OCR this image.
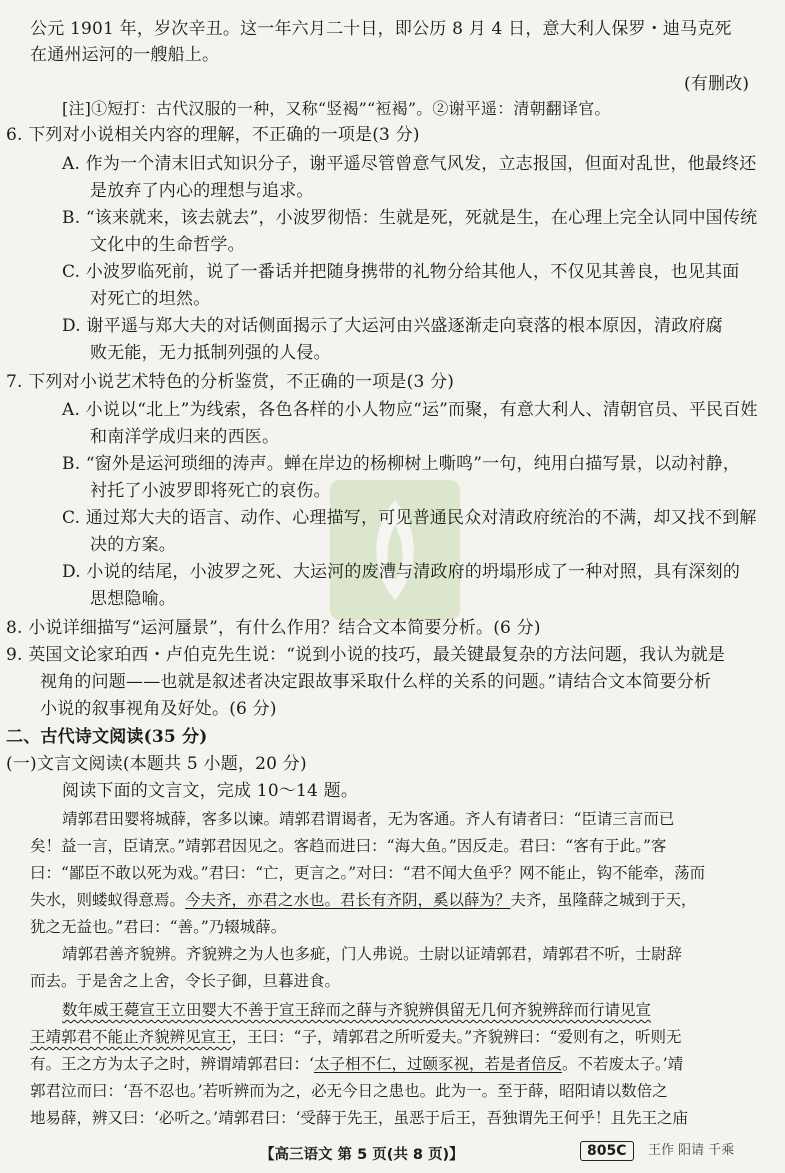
公元 1901 年，岁次辛丑。这一年六月二十日，即公历 8 月 4 日，意大利人保罗・迪马克死
在通州运河的一艘船上。
(有删改)
[注]①短打：古代汉服的一种，又称“竖褐”“裋褐”。②谢平遥：清朝翻译官。
6. 下列对小说相关内容的理解，不正确的一项是(3 分)
A. 作为一个清末旧式知识分子，谢平遥尽管曾意气风发，立志报国，但面对乱世，他最终还
是放弃了内心的理想与追求。
B. “该来就来，该去就去”，小波罗彻悟：生就是死，死就是生，在心理上完全认同中国传统
文化中的生命哲学。
C. 小波罗临死前，说了一番话并把随身携带的礼物分给其他人，不仅见其善良，也见其面
对死亡的坦然。
D. 谢平遥与郑大夫的对话侧面揭示了大运河由兴盛逐渐走向衰落的根本原因，清政府腐
败无能，无力抵制列强的人侵。
7. 下列对小说艺术特色的分析鉴赏，不正确的一项是(3 分)
A. 小说以“北上”为线索，各色各样的小人物应“运”而聚，有意大利人、清朝官员、平民百姓
和南洋学成归来的西医。
B. “窗外是运河琐细的涛声。蝉在岸边的杨柳树上嘶鸣”一句，纯用白描写景，以动衬静，
衬托了小波罗即将死亡的哀伤。
C. 通过郑大夫的语言、动作、心理描写，可见普通民众对清政府统治的不满，却又找不到解
决的方案。
D. 小说的结尾，小波罗之死、大运河的废漕与清政府的坍塌形成了一种对照，具有深刻的
思想隐喻。
8. 小说详细描写“运河蜃景”，有什么作用？结合文本简要分析。(6 分)
9. 英国文论家珀西・卢伯克先生说：“说到小说的技巧，最关键最复杂的方法问题，我认为就是
视角的问题——也就是叙述者决定跟故事采取什么样的关系的问题。”请结合文本简要分析
小说的叙事视角及好处。(6 分)
二、古代诗文阅读(35 分)
(一)文言文阅读(本题共 5 小题，20 分)
阅读下面的文言文，完成 10～14 题。
靖郭君田婴将城薛，客多以谏。靖郭君谓谒者，无为客通。齐人有请者曰：“臣请三言而已
矣！益一言，臣请烹。”靖郭君因见之。客趋而进曰：“海大鱼。”因反走。君曰：“客有于此。”客
曰：“鄙臣不敢以死为戏。”君曰：“亡，更言之。”对曰：“君不闻大鱼乎？网不能止，钩不能牵，荡而
失水，则蝼蚁得意焉。今夫齐，亦君之水也。君长有齐阴，奚以薛为？夫齐，虽隆薛之城到于天，
犹之无益也。”君曰：“善。”乃辍城薛。
靖郭君善齐貌辨。齐貌辨之为人也多疵，门人弗说。士尉以证靖郭君，靖郭君不听，士尉辞
而去。于是舍之上舍，令长子御，旦暮进食。
数年威王薨宣王立田婴大不善于宣王辞而之薛与齐貌辨俱留无几何齐貌辨辞而行请见宣
王靖郭君不能止齐貌辨见宣王，王曰：“子，靖郭君之所听爱夫。”齐貌辨曰：“爱则有之，听则无
有。王之方为太子之时，辨谓靖郭君曰：‘太子相不仁，过颐豕视，若是者倍反。不若废太子。’靖
郭君泣而曰：‘吾不忍也。’若听辨而为之，必无今日之患也。此为一。至于薛，昭阳请以数倍之
地易薛，辨又曰：‘必听之。’靖郭君曰：‘受薛于先王，虽恶于后王，吾独谓先王何乎！且先王之庙
【高三语文 第 5 页(共 8 页)】	805C	王作 阳请 千乘
